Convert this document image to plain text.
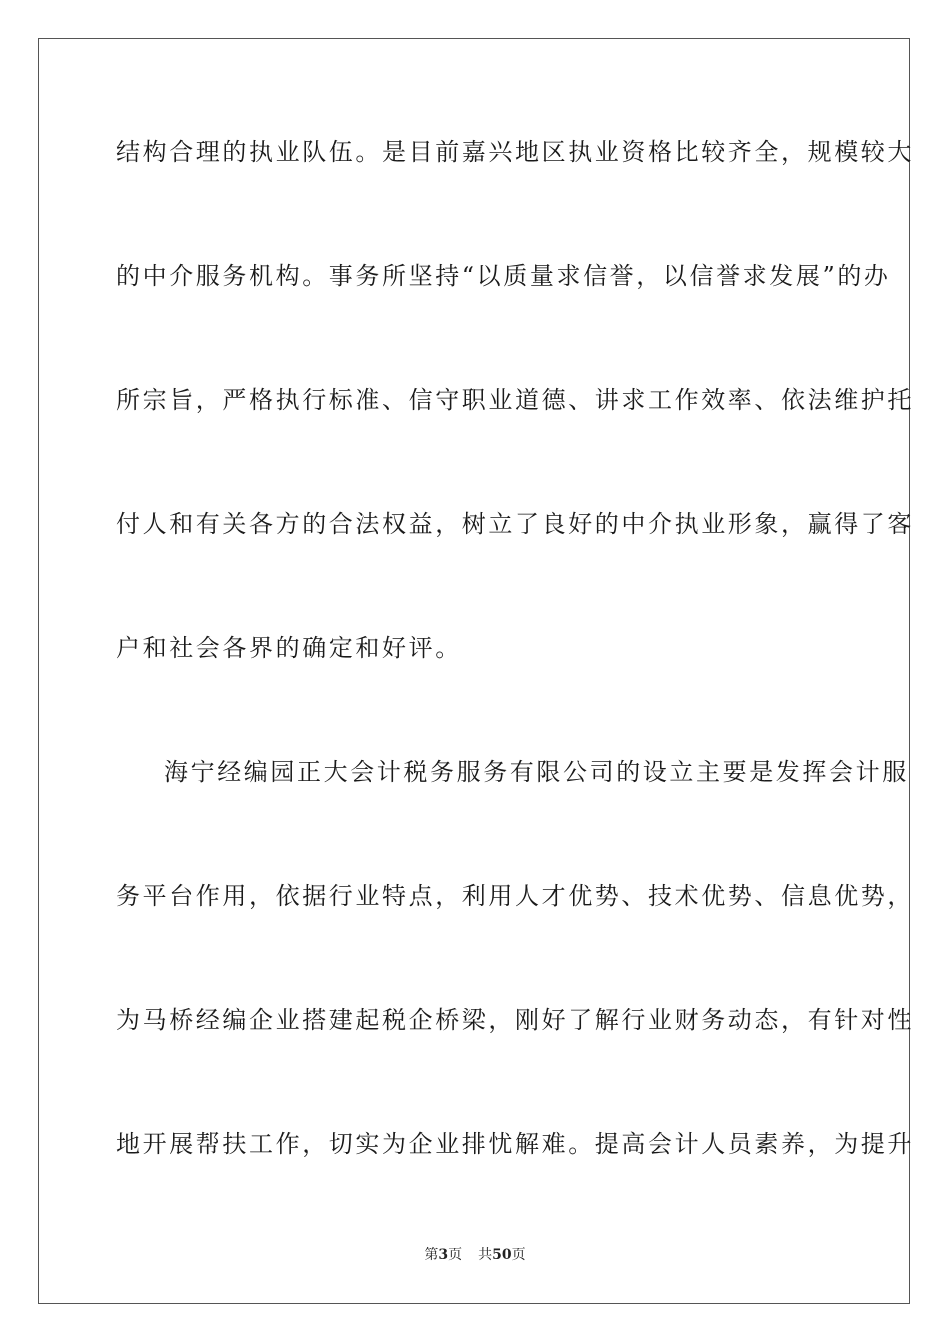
结构合理的执业队伍。是目前嘉兴地区执业资格比较齐全，规模较大
的中介服务机构。事务所坚持“以质量求信誉，以信誉求发展”的办
所宗旨，严格执行标准、信守职业道德、讲求工作效率、依法维护托
付人和有关各方的合法权益，树立了良好的中介执业形象，赢得了客
户和社会各界的确定和好评。
海宁经编园正大会计税务服务有限公司的设立主要是发挥会计服
务平台作用，依据行业特点，利用人才优势、技术优势、信息优势，
为马桥经编企业搭建起税企桥梁，刚好了解行业财务动态，有针对性
地开展帮扶工作，切实为企业排忧解难。提高会计人员素养，为提升
第3页 共50页
